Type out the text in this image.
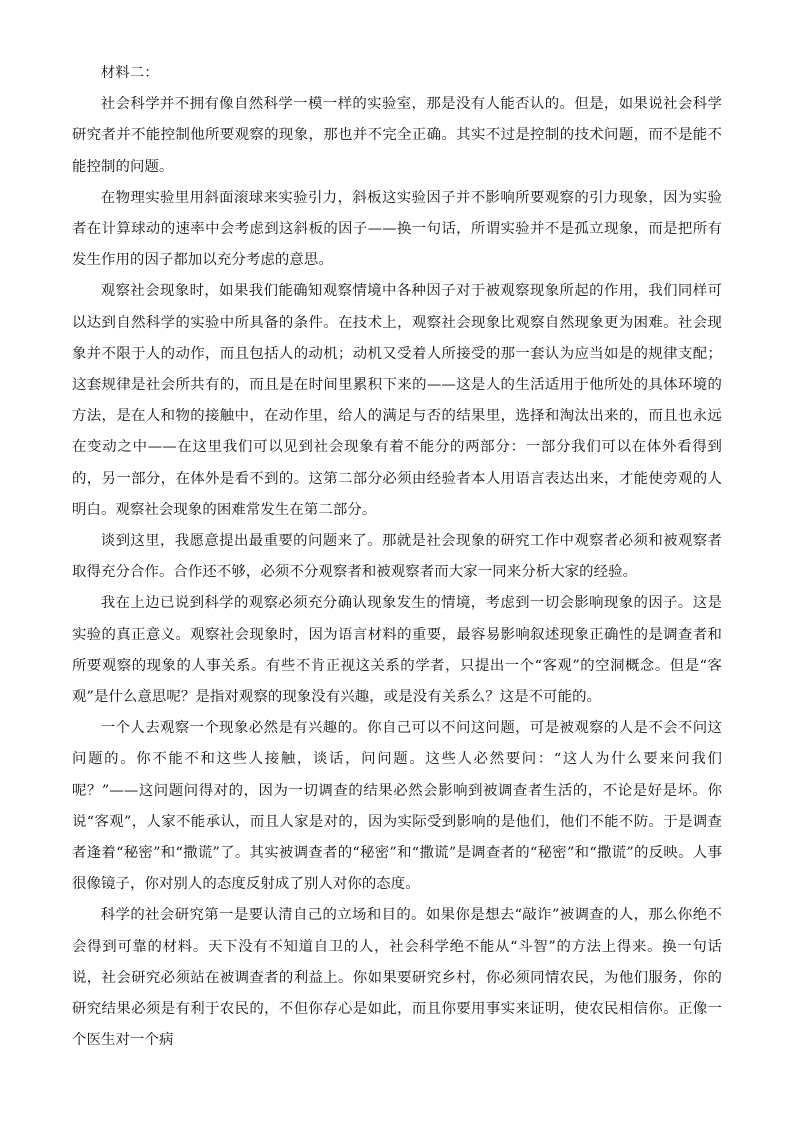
材料二：

社会科学并不拥有像自然科学一模一样的实验室，那是没有人能否认的。但是，如果说社会科学研究者并不能控制他所要观察的现象，那也并不完全正确。其实不过是控制的技术问题，而不是能不能控制的问题。

在物理实验里用斜面滚球来实验引力，斜板这实验因子并不影响所要观察的引力现象，因为实验者在计算球动的速率中会考虑到这斜板的因子——换一句话，所谓实验并不是孤立现象，而是把所有发生作用的因子都加以充分考虑的意思。

观察社会现象时，如果我们能确知观察情境中各种因子对于被观察现象所起的作用，我们同样可以达到自然科学的实验中所具备的条件。在技术上，观察社会现象比观察自然现象更为困难。社会现象并不限于人的动作，而且包括人的动机；动机又受着人所接受的那一套认为应当如是的规律支配；这套规律是社会所共有的，而且是在时间里累积下来的——这是人的生活适用于他所处的具体环境的方法，是在人和物的接触中，在动作里，给人的满足与否的结果里，选择和淘汰出来的，而且也永远在变动之中——在这里我们可以见到社会现象有着不能分的两部分：一部分我们可以在体外看得到的，另一部分，在体外是看不到的。这第二部分必须由经验者本人用语言表达出来，才能使旁观的人明白。观察社会现象的困难常发生在第二部分。

谈到这里，我愿意提出最重要的问题来了。那就是社会现象的研究工作中观察者必须和被观察者取得充分合作。合作还不够，必须不分观察者和被观察者而大家一同来分析大家的经验。

我在上边已说到科学的观察必须充分确认现象发生的情境，考虑到一切会影响现象的因子。这是实验的真正意义。观察社会现象时，因为语言材料的重要，最容易影响叙述现象正确性的是调查者和所要观察的现象的人事关系。有些不肯正视这关系的学者，只提出一个“客观”的空洞概念。但是“客观”是什么意思呢？是指对观察的现象没有兴趣，或是没有关系么？这是不可能的。

一个人去观察一个现象必然是有兴趣的。你自己可以不问这问题，可是被观察的人是不会不问这问题的。你不能不和这些人接触，谈话，问问题。这些人必然要问：“这人为什么要来问我们呢？”——这问题问得对的，因为一切调查的结果必然会影响到被调查者生活的，不论是好是坏。你说“客观”，人家不能承认，而且人家是对的，因为实际受到影响的是他们，他们不能不防。于是调查者逢着“秘密”和“撒谎”了。其实被调查者的“秘密”和“撒谎”是调查者的“秘密”和“撒谎”的反映。人事很像镜子，你对别人的态度反射成了别人对你的态度。

科学的社会研究第一是要认清自己的立场和目的。如果你是想去“敲诈”被调查的人，那么你绝不会得到可靠的材料。天下没有不知道自卫的人，社会科学绝不能从“斗智”的方法上得来。换一句话说，社会研究必须站在被调查者的利益上。你如果要研究乡村，你必须同情农民，为他们服务，你的研究结果必须是有利于农民的，不但你存心是如此，而且你要用事实来证明，使农民相信你。正像一个医生对一个病
